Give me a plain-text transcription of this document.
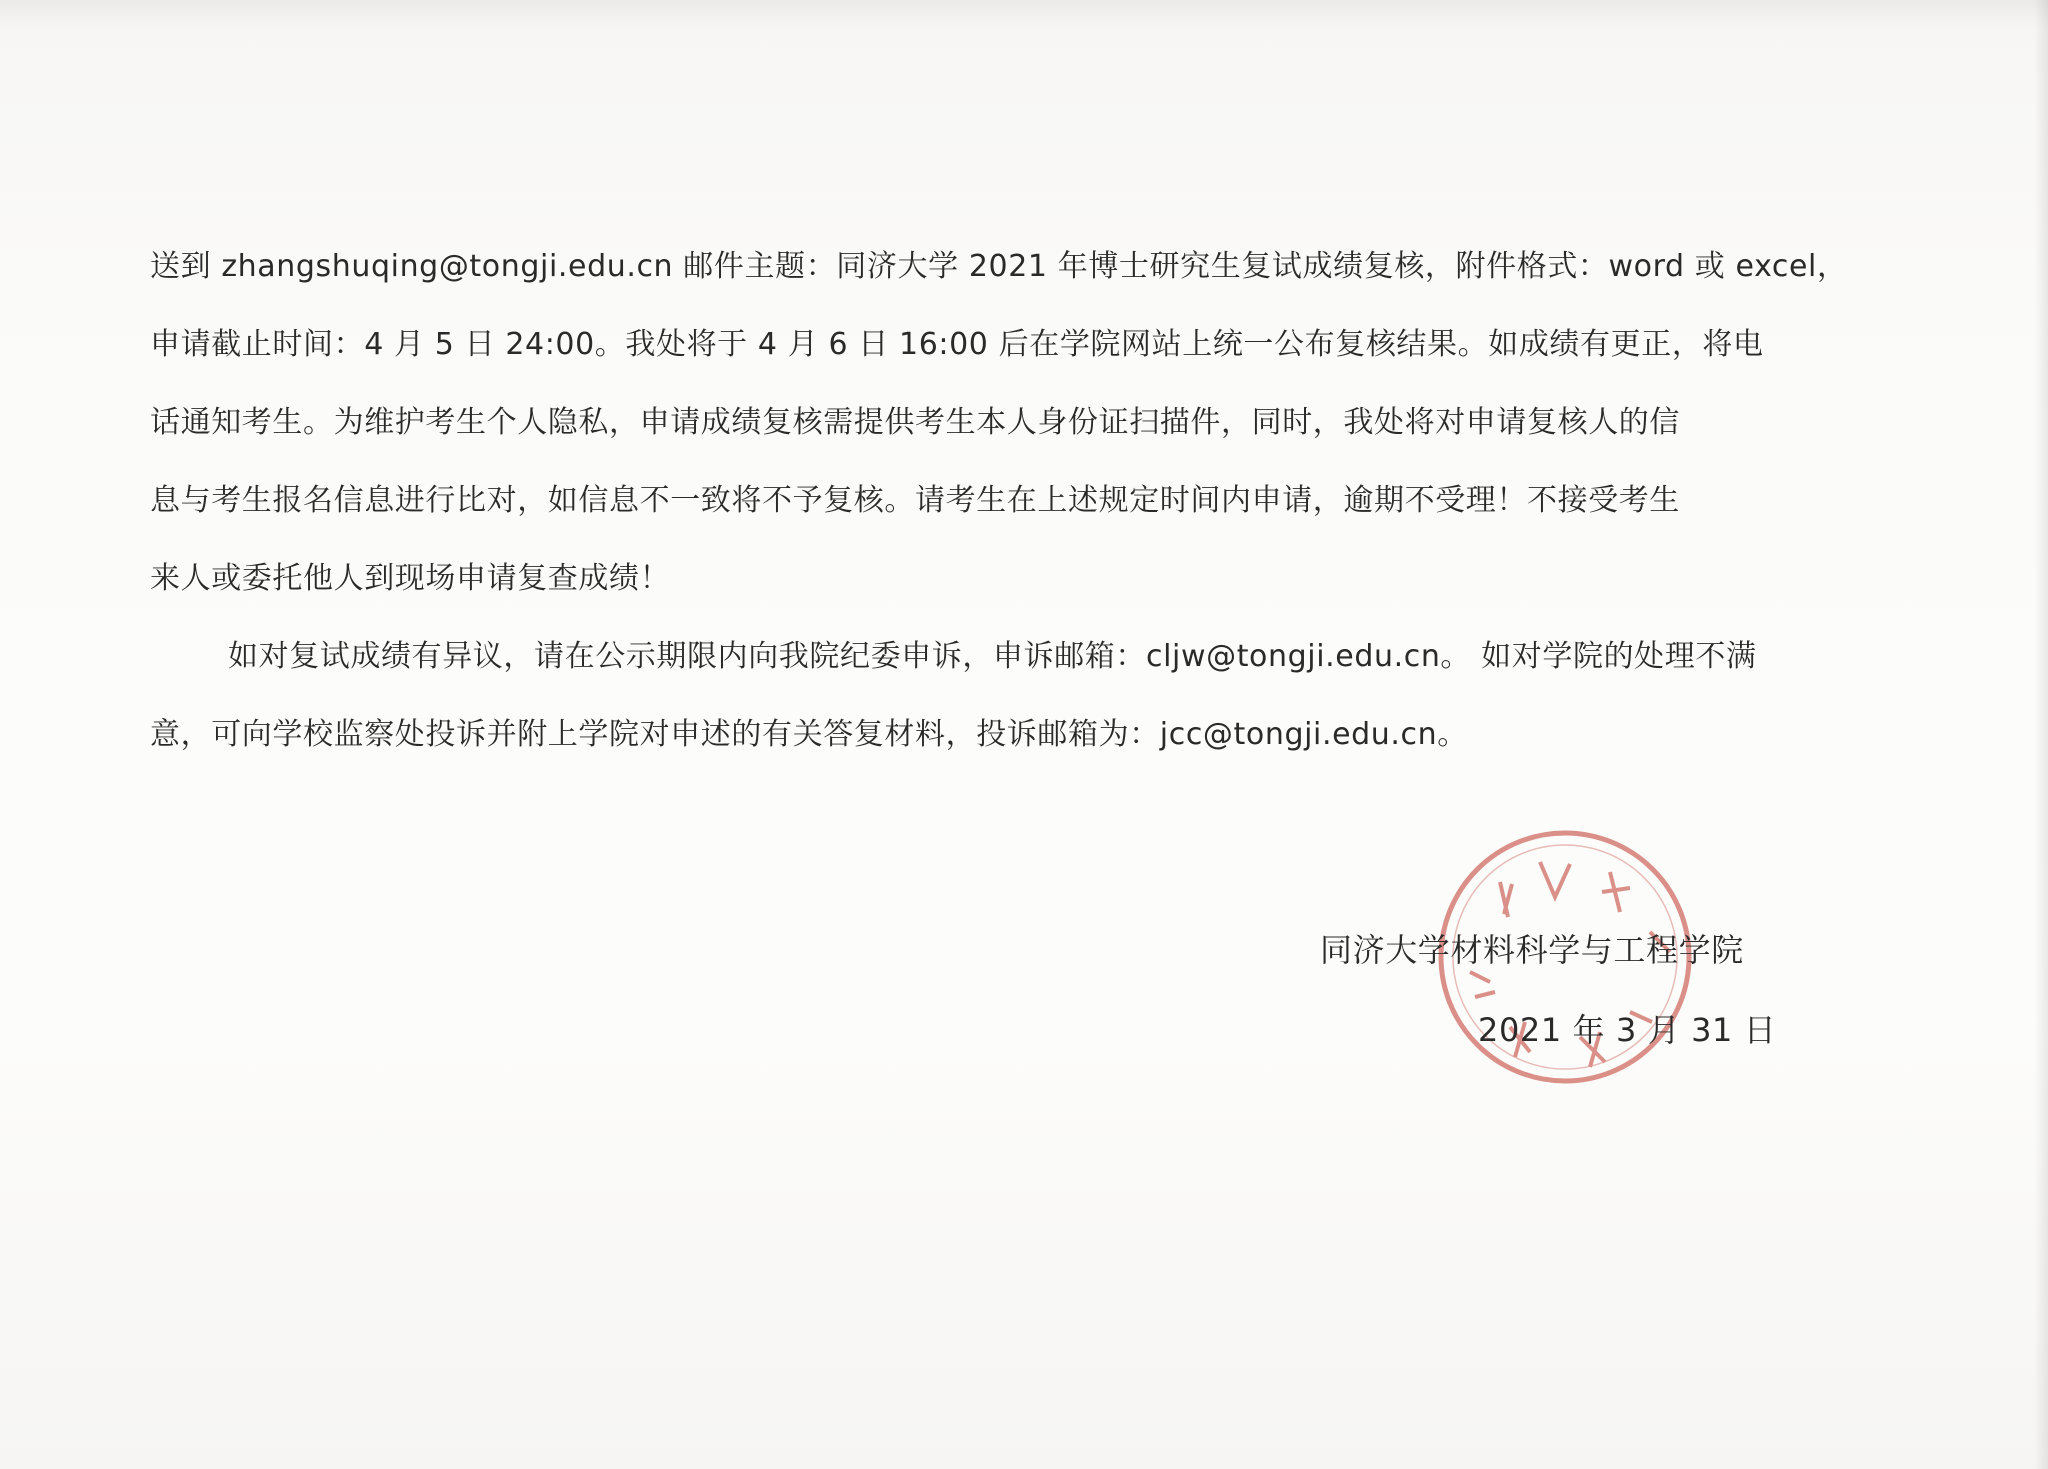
送到 zhangshuqing@tongji.edu.cn 邮件主题：同济大学 2021 年博士研究生复试成绩复核，附件格式：word 或 excel，
申请截止时间：4 月 5 日 24:00。我处将于 4 月 6 日 16:00 后在学院网站上统一公布复核结果。如成绩有更正，将电
话通知考生。为维护考生个人隐私，申请成绩复核需提供考生本人身份证扫描件，同时，我处将对申请复核人的信
息与考生报名信息进行比对，如信息不一致将不予复核。请考生在上述规定时间内申请，逾期不受理！不接受考生
来人或委托他人到现场申请复查成绩！
如对复试成绩有异议，请在公示期限内向我院纪委申诉，申诉邮箱：cljw@tongji.edu.cn。 如对学院的处理不满
意，可向学校监察处投诉并附上学院对申述的有关答复材料，投诉邮箱为：jcc@tongji.edu.cn。
同济大学材料科学与工程学院
2021 年 3 月 31 日
